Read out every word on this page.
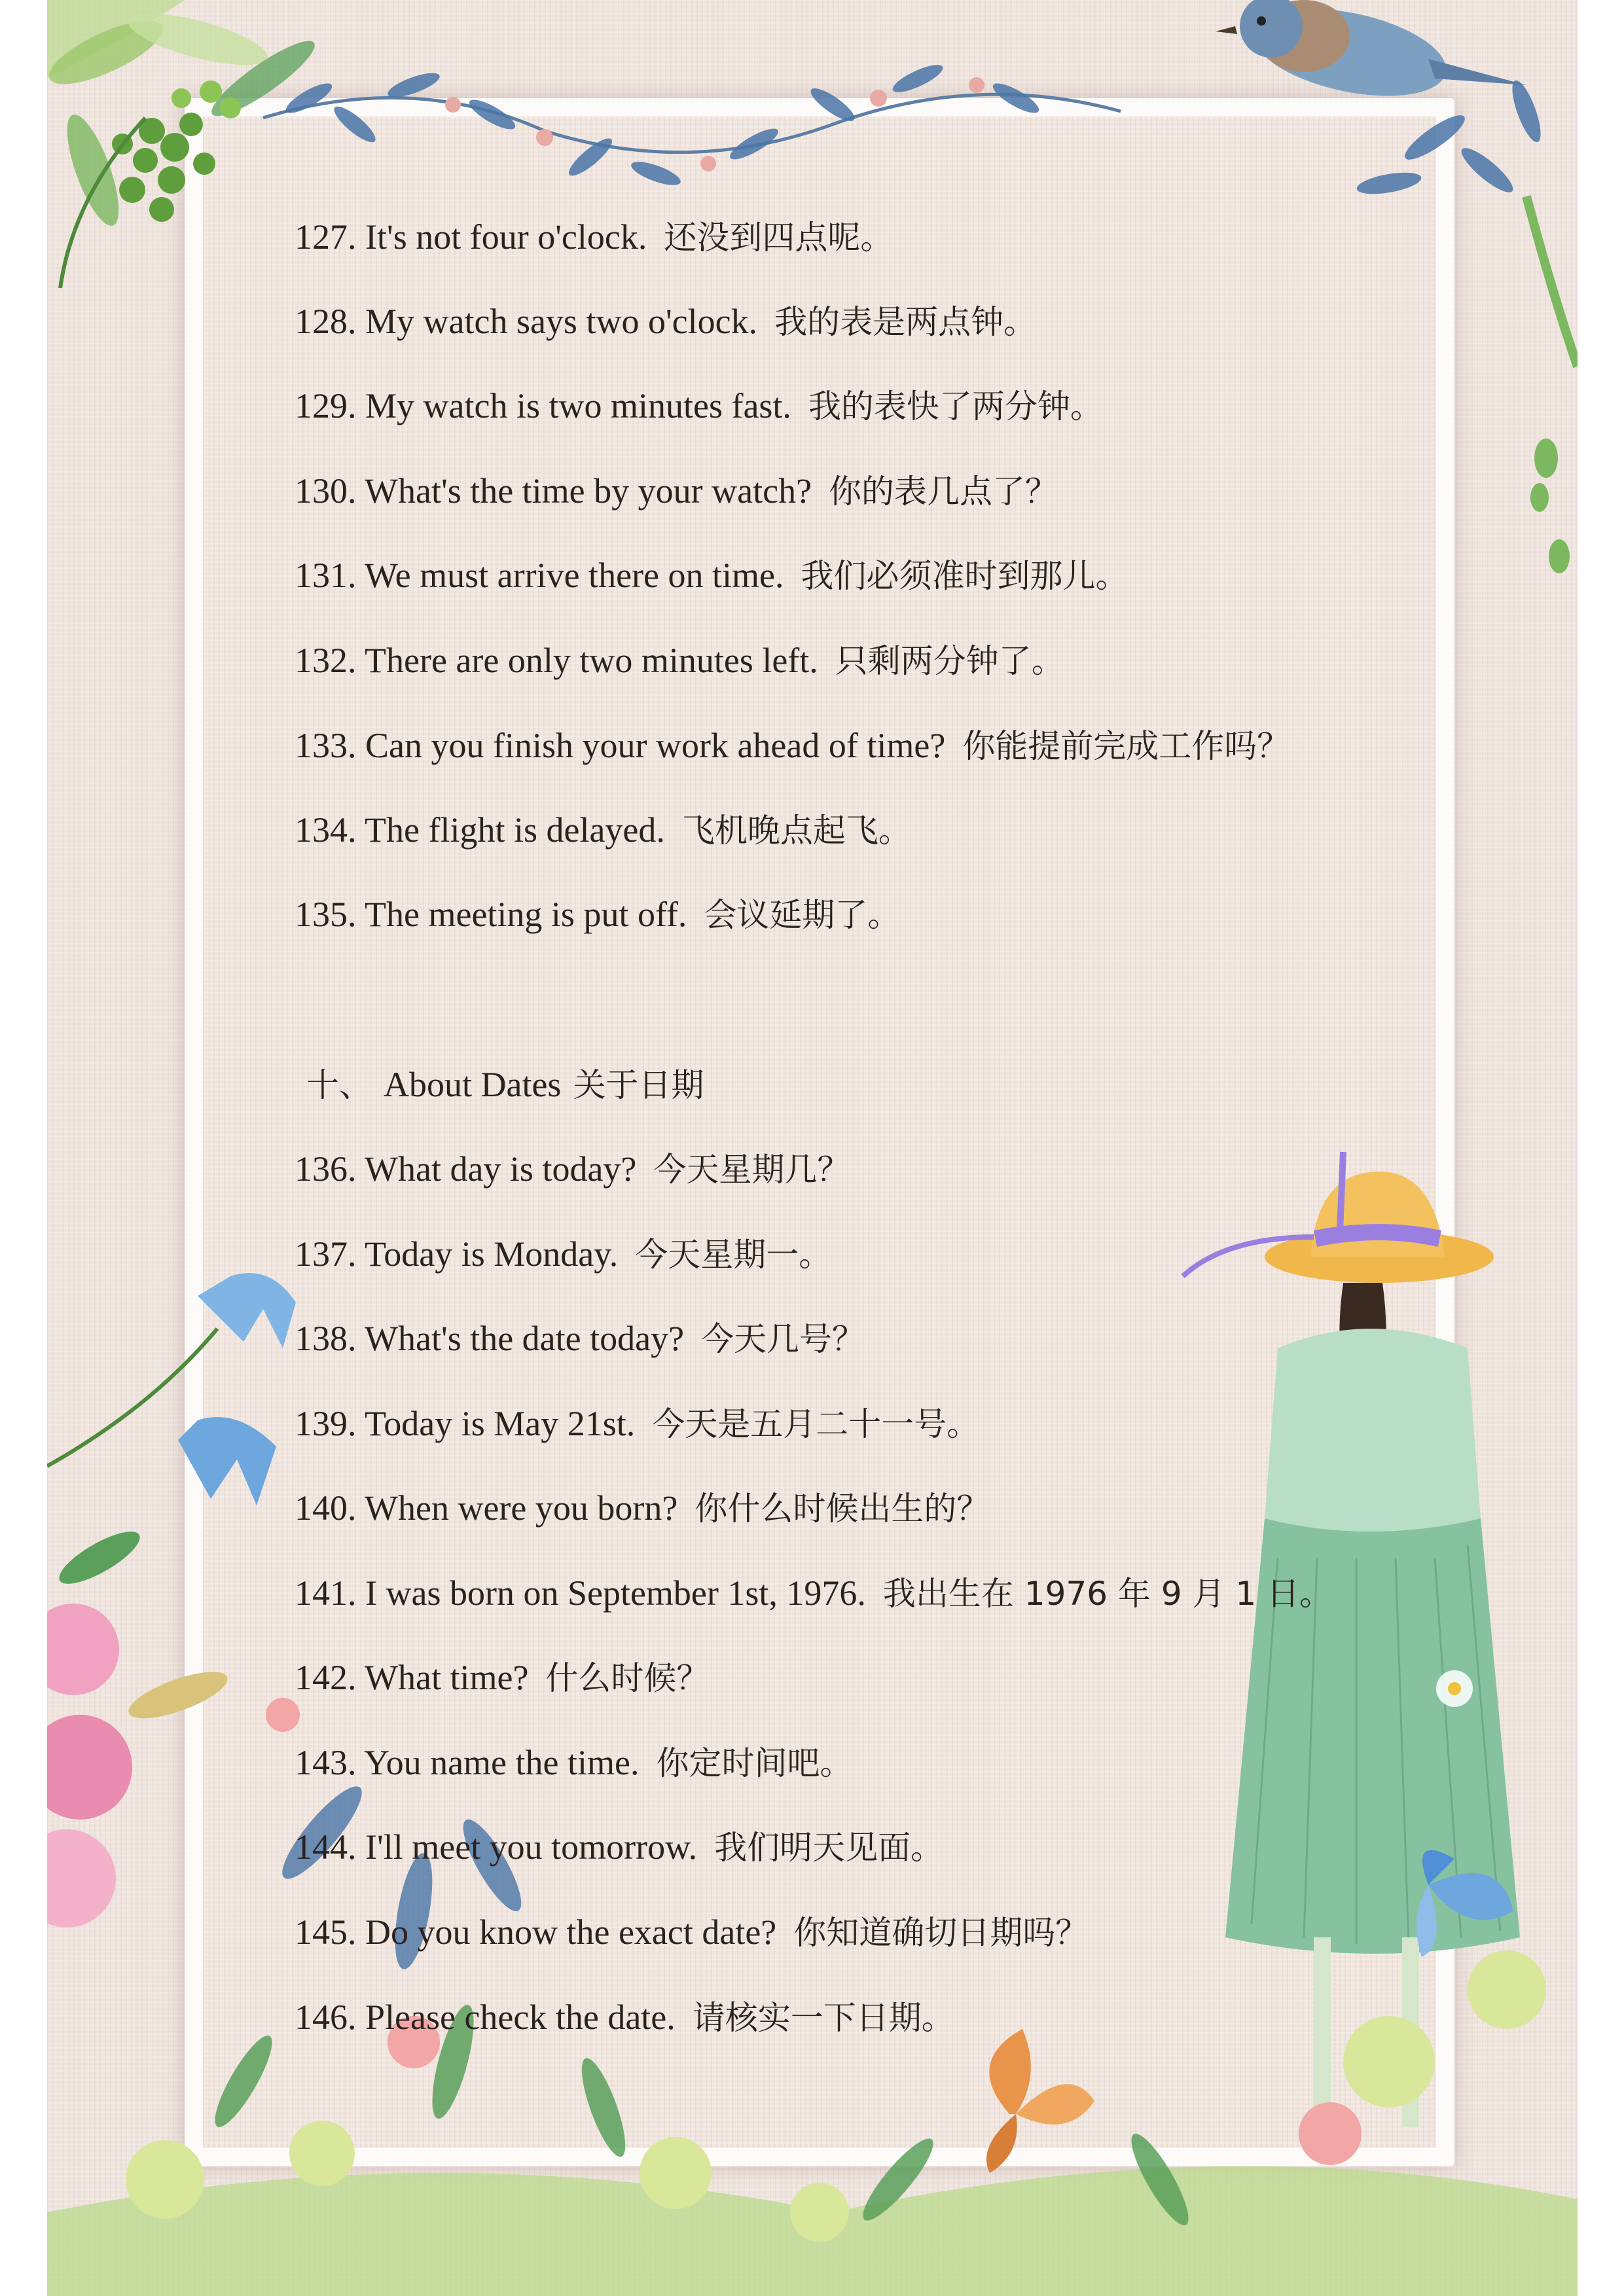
127. It's not four o'clock. 还没到四点呢。
128. My watch says two o'clock. 我的表是两点钟。
129. My watch is two minutes fast. 我的表快了两分钟。
130. What's the time by your watch? 你的表几点了？
131. We must arrive there on time. 我们必须准时到那儿。
132. There are only two minutes left. 只剩两分钟了。
133. Can you finish your work ahead of time? 你能提前完成工作吗？
134. The flight is delayed. 飞机晚点起飞。
135. The meeting is put off. 会议延期了。
十、 About Dates 关于日期
136. What day is today? 今天星期几？
137. Today is Monday. 今天星期一。
138. What's the date today? 今天几号？
139. Today is May 21st. 今天是五月二十一号。
140. When were you born? 你什么时候出生的？
141. I was born on September 1st, 1976. 我出生在 1976 年 9 月 1 日。
142. What time? 什么时候？
143. You name the time. 你定时间吧。
144. I'll meet you tomorrow. 我们明天见面。
145. Do you know the exact date? 你知道确切日期吗？
146. Please check the date. 请核实一下日期。
